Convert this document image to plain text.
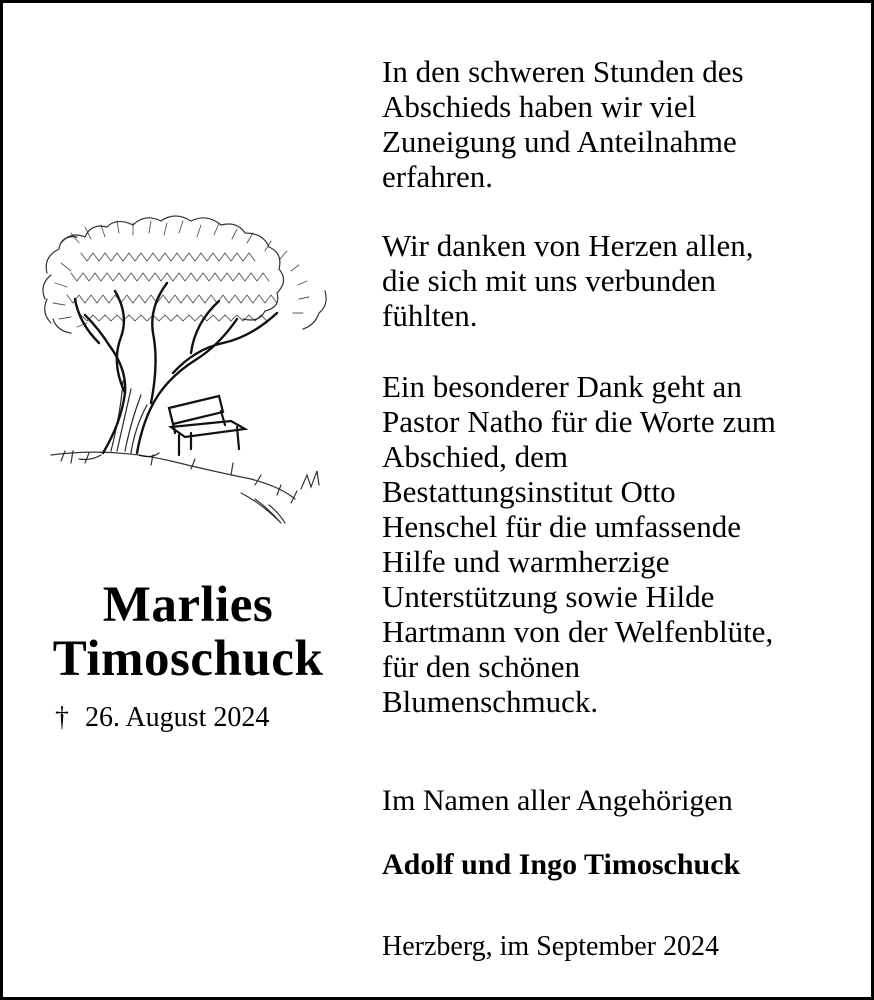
Marlies
Timoschuck
† 26. August 2024
In den schweren Stunden des
Abschieds haben wir viel
Zuneigung und Anteilnahme
erfahren.
Wir danken von Herzen allen,
die sich mit uns verbunden
fühlten.
Ein besonderer Dank geht an
Pastor Natho für die Worte zum
Abschied, dem
Bestattungsinstitut Otto
Henschel für die umfassende
Hilfe und warmherzige
Unterstützung sowie Hilde
Hartmann von der Welfenblüte,
für den schönen
Blumenschmuck.
Im Namen aller Angehörigen
Adolf und Ingo Timoschuck
Herzberg, im September 2024
